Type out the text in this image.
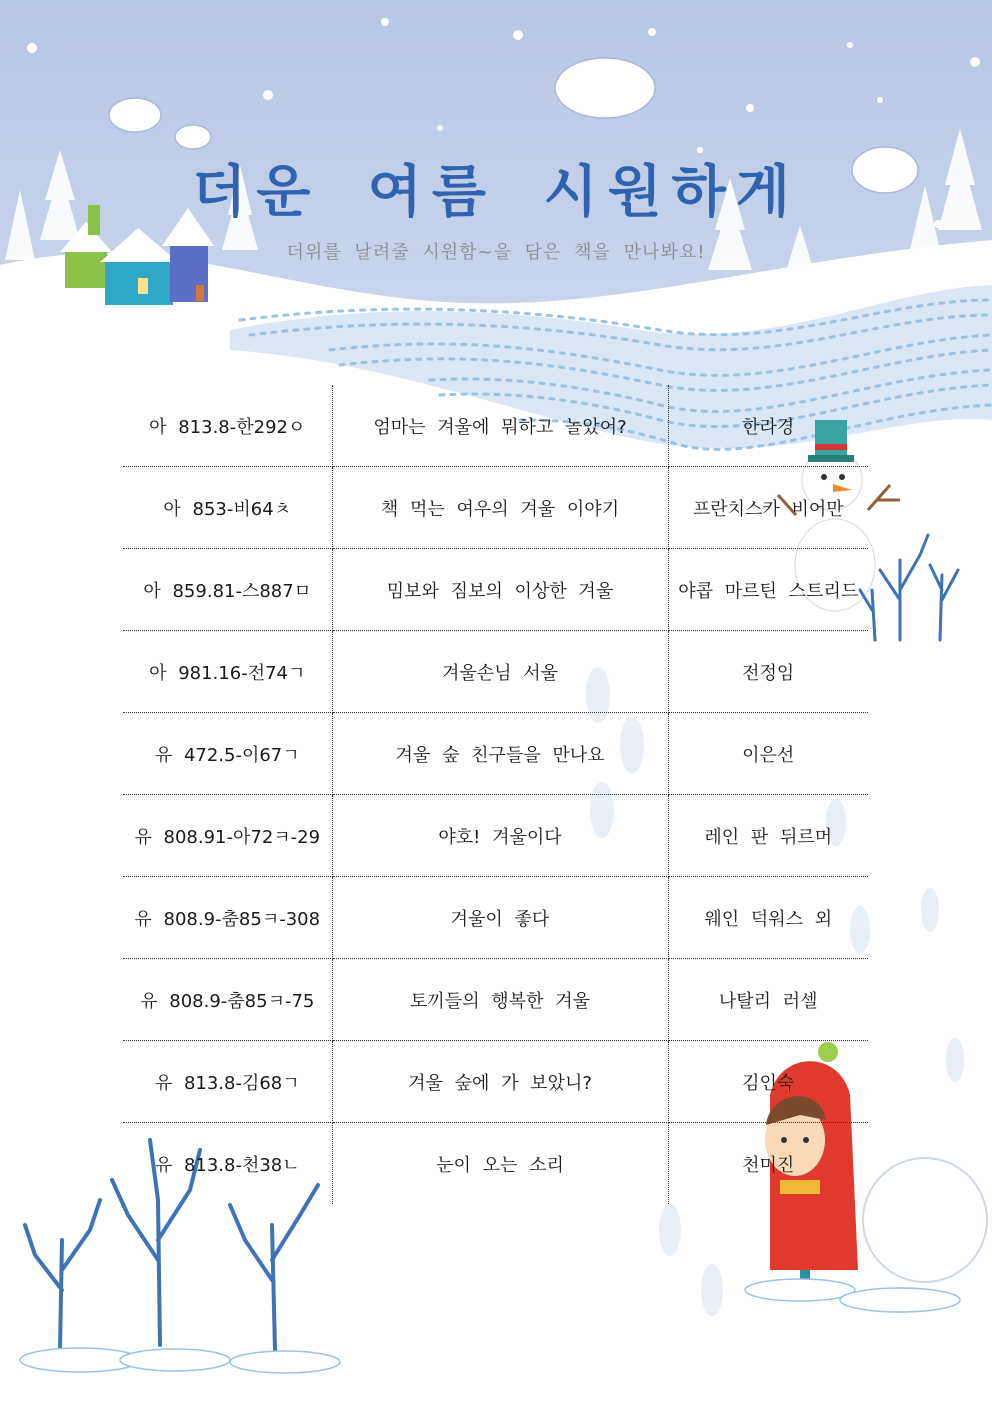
더운 여름 시원하게

더위를 날려줄 시원함~을 담은 책을 만나봐요!

아 813.8-한292ㅇ	엄마는 겨울에 뭐하고 놀았어?	한라경
아 853-비64ㅊ	책 먹는 여우의 겨울 이야기	프란치스카 비어만
아 859.81-스887ㅁ	밈보와 짐보의 이상한 겨울	야콥 마르틴 스트리드
아 981.16-전74ㄱ	겨울손님 서울	전정임
유 472.5-이67ㄱ	겨울 숲 친구들을 만나요	이은선
유 808.91-아72ㅋ-29	야호! 겨울이다	레인 판 뒤르머
유 808.9-춤85ㅋ-308	겨울이 좋다	웨인 덕워스 외
유 808.9-춤85ㅋ-75	토끼들의 행복한 겨울	나탈리 러셀
유 813.8-김68ㄱ	겨울 숲에 가 보았니?	김인숙
유 813.8-천38ㄴ	눈이 오는 소리	천미진
